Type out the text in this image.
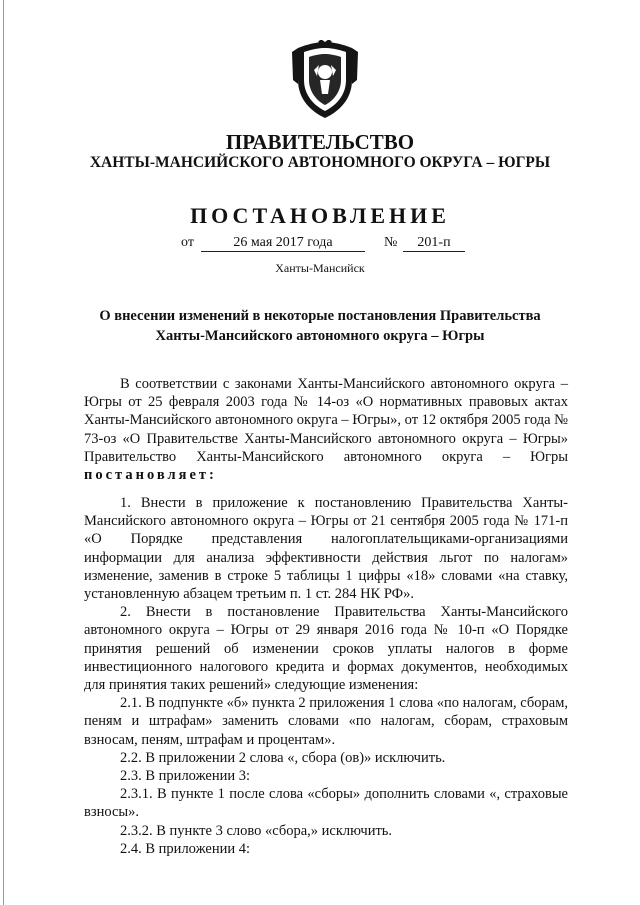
ПРАВИТЕЛЬСТВО
ХАНТЫ-МАНСИЙСКОГО АВТОНОМНОГО ОКРУГА – ЮГРЫ
ПОСТАНОВЛЕНИЕ
от	26 мая 2017 года	№	201-п
Ханты-Мансийск
О внесении изменений в некоторые постановления Правительства
Ханты-Мансийского автономного округа – Югры

В соответствии с законами Ханты-Мансийского автономного округа – Югры от 25 февраля 2003 года № 14-оз «О нормативных правовых актах Ханты-Мансийского автономного округа – Югры», от 12 октября 2005 года № 73-оз «О Правительстве Ханты-Мансийского автономного округа – Югры» Правительство Ханты-Мансийского автономного округа – Югры постановляет:

1. Внести в приложение к постановлению Правительства Ханты-Мансийского автономного округа – Югры от 21 сентября 2005 года № 171-п «О Порядке представления налогоплательщиками-организациями информации для анализа эффективности действия льгот по налогам» изменение, заменив в строке 5 таблицы 1 цифры «18» словами «на ставку, установленную абзацем третьим п. 1 ст. 284 НК РФ».

2. Внести в постановление Правительства Ханты-Мансийского автономного округа – Югры от 29 января 2016 года № 10-п «О Порядке принятия решений об изменении сроков уплаты налогов в форме инвестиционного налогового кредита и формах документов, необходимых для принятия таких решений» следующие изменения:

2.1. В подпункте «б» пункта 2 приложения 1 слова «по налогам, сборам, пеням и штрафам» заменить словами «по налогам, сборам, страховым взносам, пеням, штрафам и процентам».

2.2. В приложении 2 слова «, сбора (ов)» исключить.

2.3. В приложении 3:

2.3.1. В пункте 1 после слова «сборы» дополнить словами «, страховые взносы».

2.3.2. В пункте 3 слово «сбора,» исключить.

2.4. В приложении 4:
